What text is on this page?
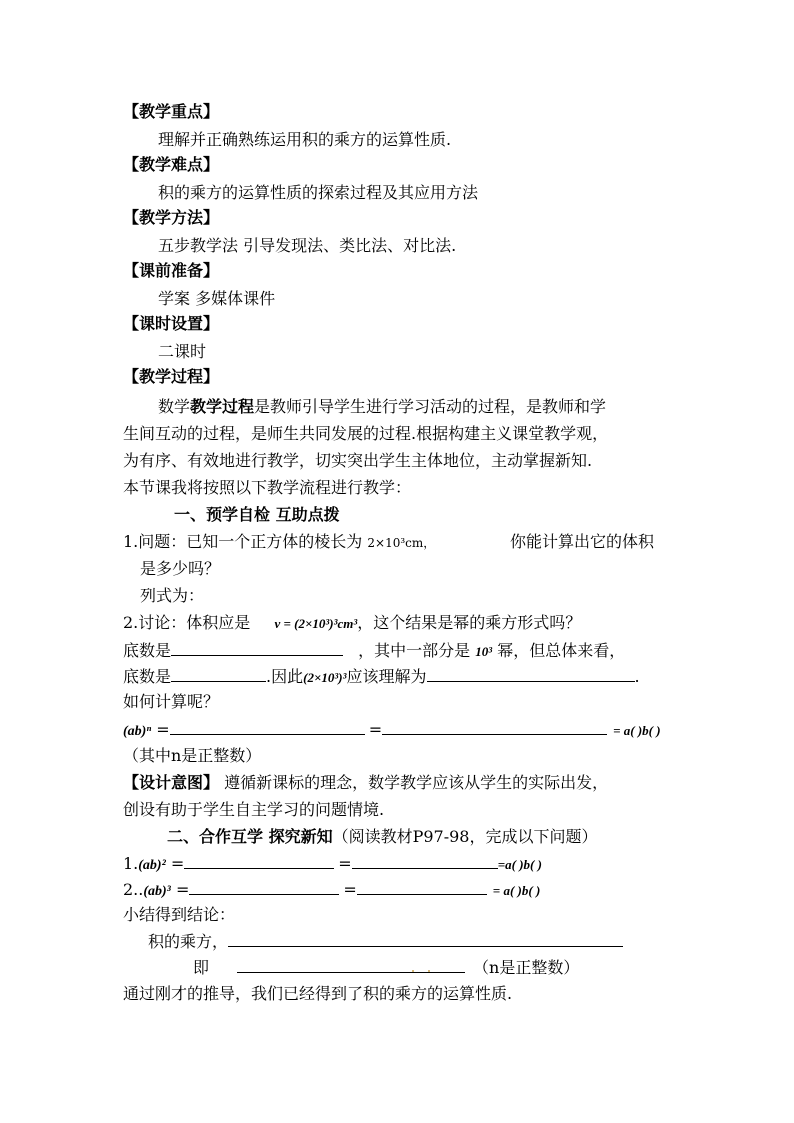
【教学重点】
理解并正确熟练运用积的乘方的运算性质.
【教学难点】
积的乘方的运算性质的探索过程及其应用方法
【教学方法】
五步教学法 引导发现法、类比法、对比法.
【课前准备】
学案 多媒体课件
【课时设置】
二课时
【教学过程】
数学教学过程是教师引导学生进行学习活动的过程，是教师和学
生间互动的过程，是师生共同发展的过程.根据构建主义课堂教学观，
为有序、有效地进行教学，切实突出学生主体地位，主动掌握新知.
本节课我将按照以下教学流程进行教学：
一、预学自检 互助点拨
1.问题：已知一个正方体的棱长为 2×10³cm，	你能计算出它的体积
是多少吗？
列式为：
2.讨论：体积应是 v = (2×10³)³cm³，这个结果是幂的乘方形式吗？
底数是	，其中一部分是 10³ 幂，但总体来看，
底数是	.因此(2×10³)³应该理解为	.
如何计算呢？
(ab)ⁿ =	=	= a( )b( )
（其中n是正整数）
【设计意图】 遵循新课标的理念，数学教学应该从学生的实际出发，
创设有助于学生自主学习的问题情境.
二、合作互学 探究新知（阅读教材P97-98，完成以下问题）
1.(ab)² =	=	=a( )b( )
2..(ab)³ =	=	= a( )b( )
小结得到结论：
积的乘方，
即	（n是正整数）
通过刚才的推导，我们已经得到了积的乘方的运算性质.
